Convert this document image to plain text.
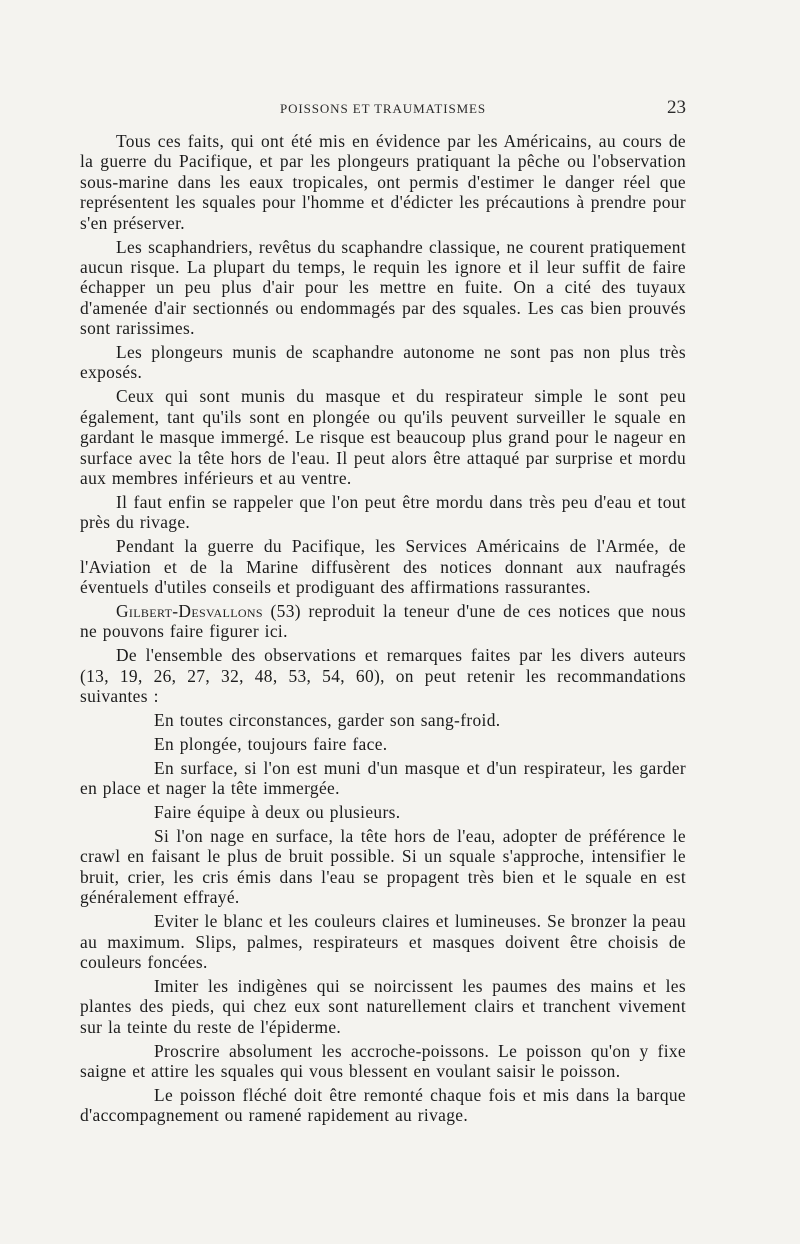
POISSONS ET TRAUMATISMES	23

Tous ces faits, qui ont été mis en évidence par les Américains, au cours de la guerre du Pacifique, et par les plongeurs pratiquant la pêche ou l'observation sous-marine dans les eaux tropicales, ont permis d'estimer le danger réel que représentent les squales pour l'homme et d'édicter les précautions à prendre pour s'en préserver.

Les scaphandriers, revêtus du scaphandre classique, ne courent pratiquement aucun risque. La plupart du temps, le requin les ignore et il leur suffit de faire échapper un peu plus d'air pour les mettre en fuite. On a cité des tuyaux d'amenée d'air sectionnés ou endommagés par des squales. Les cas bien prouvés sont rarissimes.

Les plongeurs munis de scaphandre autonome ne sont pas non plus très exposés.

Ceux qui sont munis du masque et du respirateur simple le sont peu également, tant qu'ils sont en plongée ou qu'ils peuvent surveiller le squale en gardant le masque immergé. Le risque est beaucoup plus grand pour le nageur en surface avec la tête hors de l'eau. Il peut alors être attaqué par surprise et mordu aux membres inférieurs et au ventre.

Il faut enfin se rappeler que l'on peut être mordu dans très peu d'eau et tout près du rivage.

Pendant la guerre du Pacifique, les Services Américains de l'Armée, de l'Aviation et de la Marine diffusèrent des notices donnant aux naufragés éventuels d'utiles conseils et prodiguant des affirmations rassurantes.

Gilbert-Desvallons (53) reproduit la teneur d'une de ces notices que nous ne pouvons faire figurer ici.

De l'ensemble des observations et remarques faites par les divers auteurs (13, 19, 26, 27, 32, 48, 53, 54, 60), on peut retenir les recommandations suivantes :

En toutes circonstances, garder son sang-froid.

En plongée, toujours faire face.

En surface, si l'on est muni d'un masque et d'un respirateur, les garder en place et nager la tête immergée.

Faire équipe à deux ou plusieurs.

Si l'on nage en surface, la tête hors de l'eau, adopter de préférence le crawl en faisant le plus de bruit possible. Si un squale s'approche, intensifier le bruit, crier, les cris émis dans l'eau se propagent très bien et le squale en est généralement effrayé.

Eviter le blanc et les couleurs claires et lumineuses. Se bronzer la peau au maximum. Slips, palmes, respirateurs et masques doivent être choisis de couleurs foncées.

Imiter les indigènes qui se noircissent les paumes des mains et les plantes des pieds, qui chez eux sont naturellement clairs et tranchent vivement sur la teinte du reste de l'épiderme.

Proscrire absolument les accroche-poissons. Le poisson qu'on y fixe saigne et attire les squales qui vous blessent en voulant saisir le poisson.

Le poisson fléché doit être remonté chaque fois et mis dans la barque d'accompagnement ou ramené rapidement au rivage.
